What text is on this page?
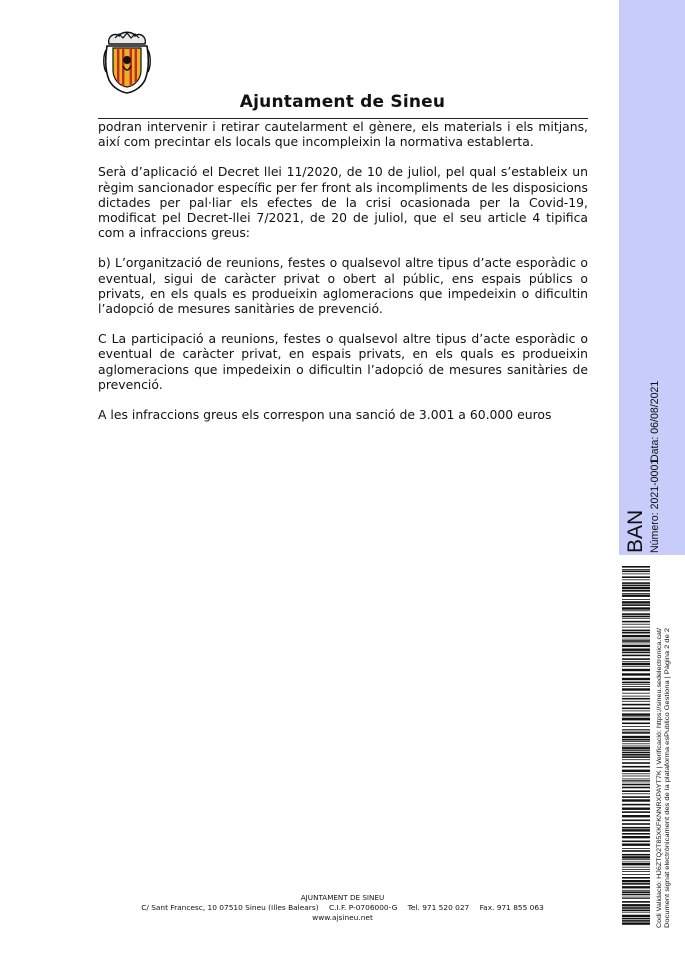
Ajuntament de Sineu

podran intervenir i retirar cautelarment el gènere, els materials i els mitjans, així com precintar els locals que incompleixin la normativa establerta.

Serà d’aplicació el Decret llei 11/2020, de 10 de juliol, pel qual s’estableix un règim sancionador específic per fer front als incompliments de les disposicions dictades per pal·liar els efectes de la crisi ocasionada per la Covid-19, modificat pel Decret-llei 7/2021, de 20 de juliol, que el seu article 4 tipifica com a infraccions greus:

b) L’organització de reunions, festes o qualsevol altre tipus d’acte esporàdic o eventual, sigui de caràcter privat o obert al públic, ens espais públics o privats, en els quals es produeixin aglomeracions que impedeixin o dificultin l’adopció de mesures sanitàries de prevenció.

C La participació a reunions, festes o qualsevol altre tipus d’acte esporàdic o eventual de caràcter privat, en espais privats, en els quals es produeixin aglomeracions que impedeixin o dificultin l’adopció de mesures sanitàries de prevenció.

A les infraccions greus els correspon una sanció de 3.001 a 60.000 euros

AJUNTAMENT DE SINEU
C/ Sant Francesc, 10 07510 Sineu (Illes Balears) C.I.F. P-0706000-G Tel. 971 520 027 Fax. 971 855 063
www.ajsineu.net
BAN Número: 2021-0001
Data: 06/08/2021
Codi Validació: HJ6ZTQ2T85XKFKNNRXPAYT7K | Verificació: https://sineu.sedelectronica.cat/ Document signat electrònicament des de la plataforma esPublico Gestiona | Pàgina 2 de 2
